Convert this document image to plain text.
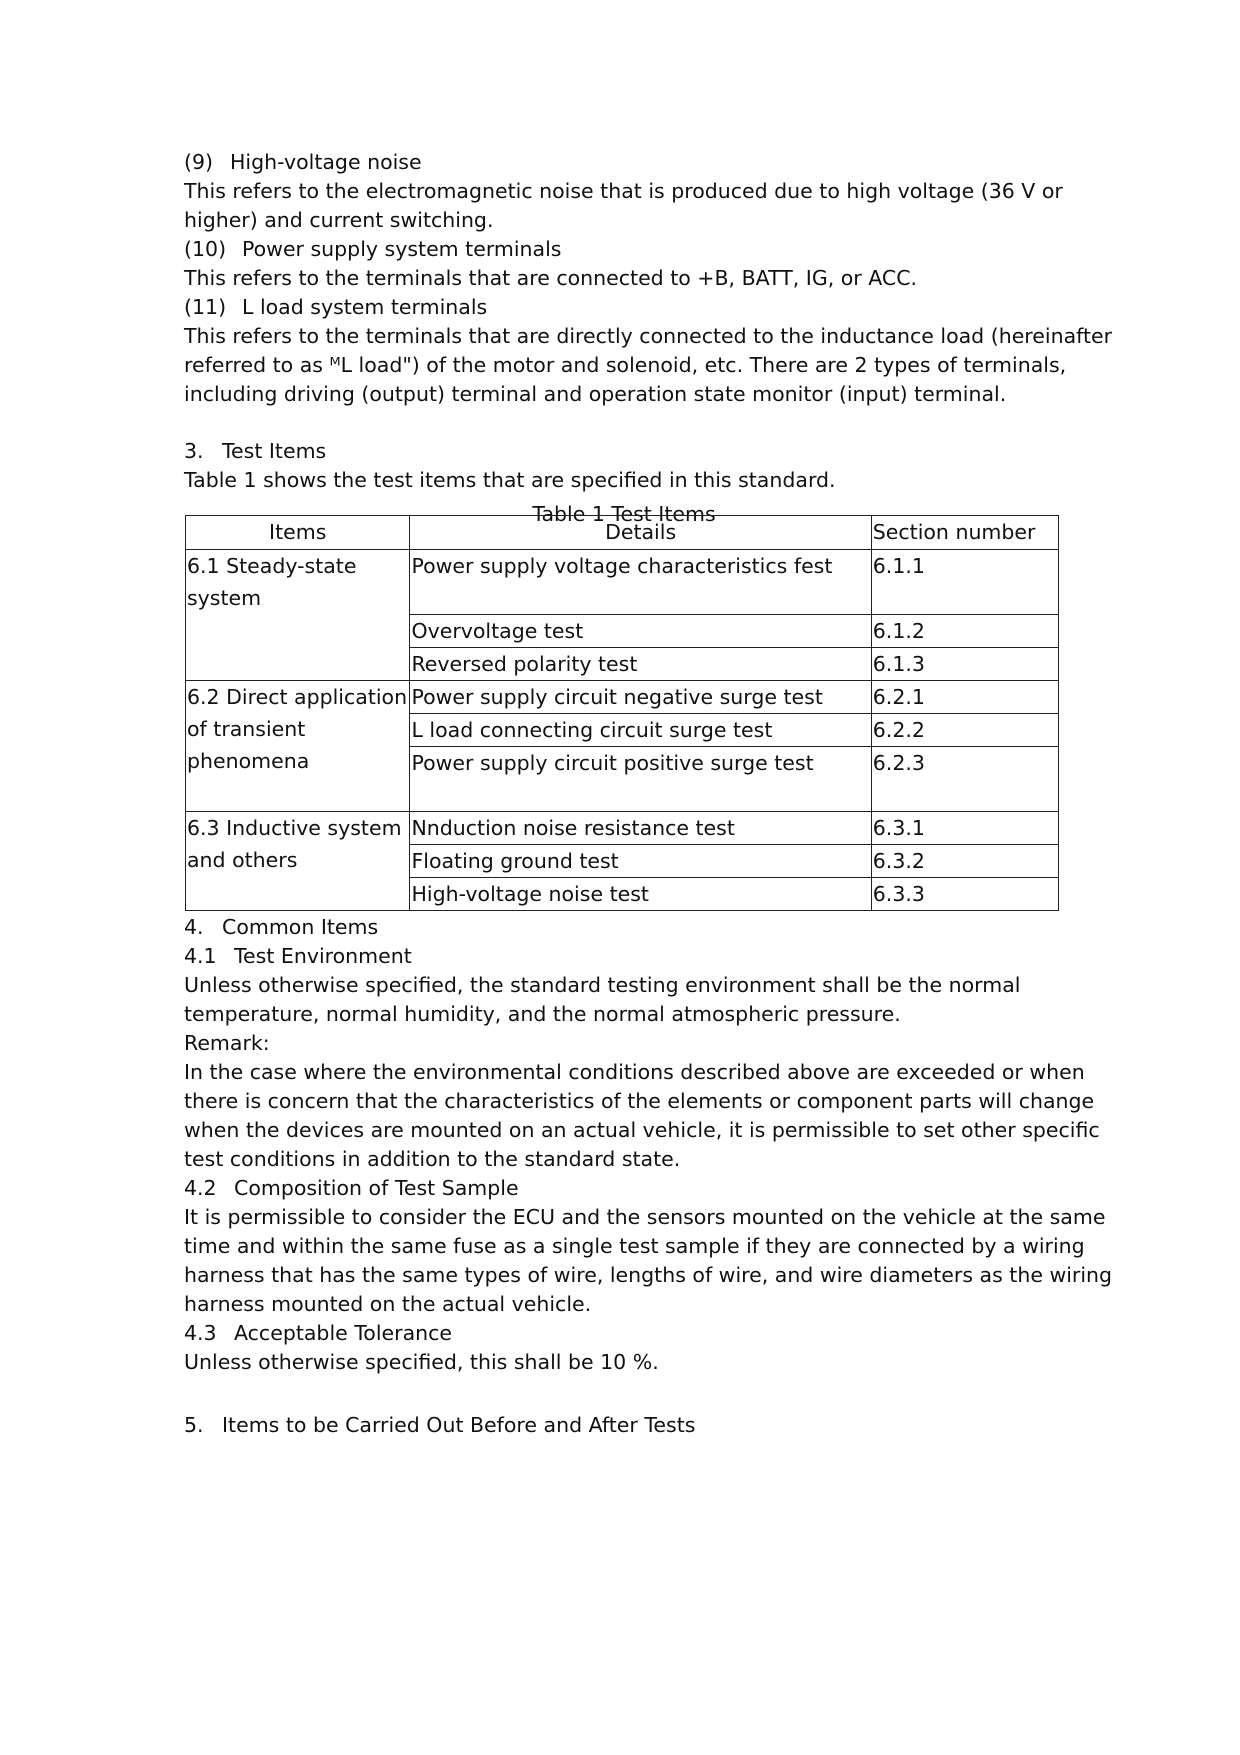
(9) High-voltage noise
This refers to the electromagnetic noise that is produced due to high voltage (36 V or
higher) and current switching.
(10) Power supply system terminals
This refers to the terminals that are connected to +B, BATT, IG, or ACC.
(11) L load system terminals
This refers to the terminals that are directly connected to the inductance load (hereinafter
referred to as ᴹL load") of the motor and solenoid, etc. There are 2 types of terminals,
including driving (output) terminal and operation state monitor (input) terminal.
3. Test Items
Table 1 shows the test items that are specified in this standard.
Table 1 Test Items
Items	Details	Section number

6.1 Steady-state
system	Power supply voltage characteristics fest	6.1.1
	Overvoltage test	6.1.2
	Reversed polarity test	6.1.3

6.2 Direct application
of transient
phenomena	Power supply circuit negative surge test	6.2.1
	L load connecting circuit surge test	6.2.2
	Power supply circuit positive surge test	6.2.3

6.3 Inductive system
and others	Nnduction noise resistance test	6.3.1
	Floating ground test	6.3.2
	High-voltage noise test	6.3.3
4. Common Items
4.1 Test Environment
Unless otherwise specified, the standard testing environment shall be the normal
temperature, normal humidity, and the normal atmospheric pressure.
Remark:
In the case where the environmental conditions described above are exceeded or when
there is concern that the characteristics of the elements or component parts will change
when the devices are mounted on an actual vehicle, it is permissible to set other specific
test conditions in addition to the standard state.
4.2 Composition of Test Sample
It is permissible to consider the ECU and the sensors mounted on the vehicle at the same
time and within the same fuse as a single test sample if they are connected by a wiring
harness that has the same types of wire, lengths of wire, and wire diameters as the wiring
harness mounted on the actual vehicle.
4.3 Acceptable Tolerance
Unless otherwise specified, this shall be 10 %.
5. Items to be Carried Out Before and After Tests
